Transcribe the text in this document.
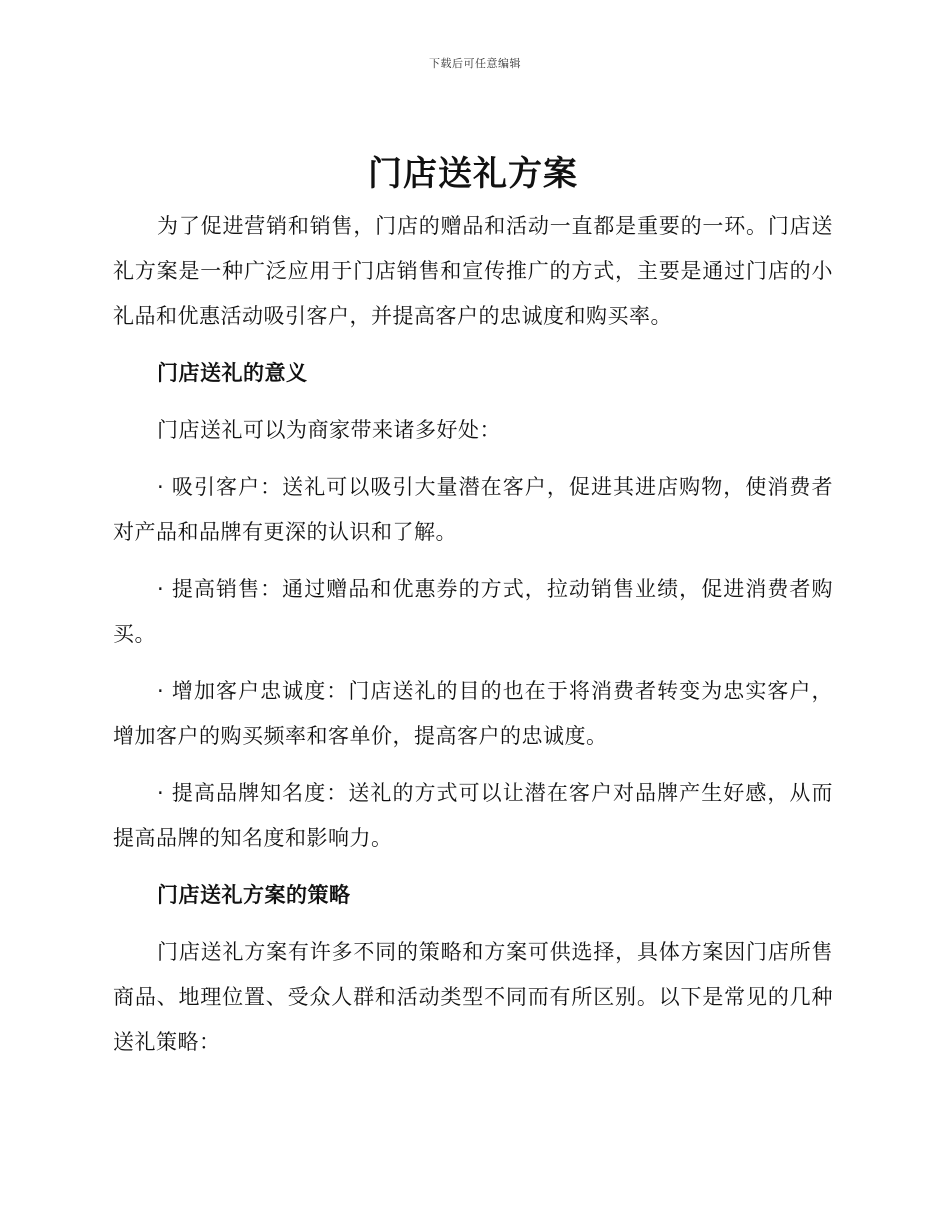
下载后可任意编辑
门店送礼方案

为了促进营销和销售，门店的赠品和活动一直都是重要的一环。门店送礼方案是一种广泛应用于门店销售和宣传推广的方式，主要是通过门店的小礼品和优惠活动吸引客户，并提高客户的忠诚度和购买率。

门店送礼的意义

门店送礼可以为商家带来诸多好处：

· 吸引客户：送礼可以吸引大量潜在客户，促进其进店购物，使消费者对产品和品牌有更深的认识和了解。

· 提高销售：通过赠品和优惠券的方式，拉动销售业绩，促进消费者购买。

· 增加客户忠诚度：门店送礼的目的也在于将消费者转变为忠实客户，增加客户的购买频率和客单价，提高客户的忠诚度。

· 提高品牌知名度：送礼的方式可以让潜在客户对品牌产生好感，从而提高品牌的知名度和影响力。

门店送礼方案的策略

门店送礼方案有许多不同的策略和方案可供选择，具体方案因门店所售商品、地理位置、受众人群和活动类型不同而有所区别。以下是常见的几种送礼策略：
